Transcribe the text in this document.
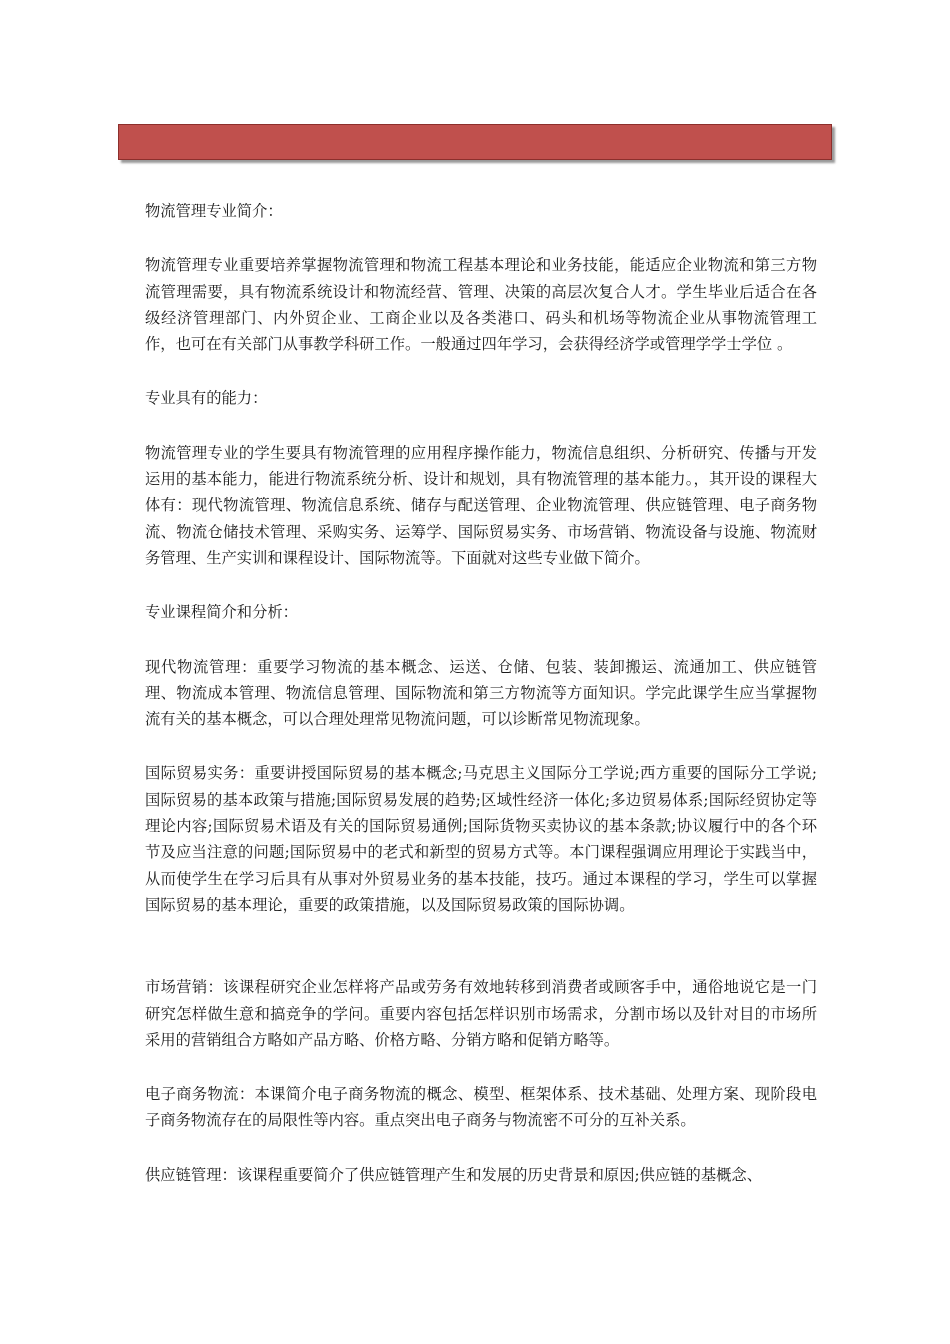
物流管理专业简介：

物流管理专业重要培养掌握物流管理和物流工程基本理论和业务技能，能适应企业物流和第三方物流管理需要，具有物流系统设计和物流经营、管理、决策的高层次复合人才。学生毕业后适合在各级经济管理部门、内外贸企业、工商企业以及各类港口、码头和机场等物流企业从事物流管理工作，也可在有关部门从事教学科研工作。一般通过四年学习，会获得经济学或管理学学士学位 。

专业具有的能力：

物流管理专业的学生要具有物流管理的应用程序操作能力，物流信息组织、分析研究、传播与开发运用的基本能力，能进行物流系统分析、设计和规划，具有物流管理的基本能力。，其开设的课程大体有：现代物流管理、物流信息系统、储存与配送管理、企业物流管理、供应链管理、电子商务物流、物流仓储技术管理、采购实务、运筹学、国际贸易实务、市场营销、物流设备与设施、物流财务管理、生产实训和课程设计、国际物流等。下面就对这些专业做下简介。

专业课程简介和分析：

现代物流管理：重要学习物流的基本概念、运送、仓储、包装、装卸搬运、流通加工、供应链管理、物流成本管理、物流信息管理、国际物流和第三方物流等方面知识。学完此课学生应当掌握物流有关的基本概念，可以合理处理常见物流问题，可以诊断常见物流现象。

国际贸易实务：重要讲授国际贸易的基本概念;马克思主义国际分工学说;西方重要的国际分工学说;国际贸易的基本政策与措施;国际贸易发展的趋势;区域性经济一体化;多边贸易体系;国际经贸协定等理论内容;国际贸易术语及有关的国际贸易通例;国际货物买卖协议的基本条款;协议履行中的各个环节及应当注意的问题;国际贸易中的老式和新型的贸易方式等。本门课程强调应用理论于实践当中，从而使学生在学习后具有从事对外贸易业务的基本技能，技巧。通过本课程的学习，学生可以掌握国际贸易的基本理论，重要的政策措施，以及国际贸易政策的国际协调。

市场营销：该课程研究企业怎样将产品或劳务有效地转移到消费者或顾客手中，通俗地说它是一门研究怎样做生意和搞竞争的学问。重要内容包括怎样识别市场需求，分割市场以及针对目的市场所采用的营销组合方略如产品方略、价格方略、分销方略和促销方略等。

电子商务物流：本课简介电子商务物流的概念、模型、框架体系、技术基础、处理方案、现阶段电子商务物流存在的局限性等内容。重点突出电子商务与物流密不可分的互补关系。

供应链管理：该课程重要简介了供应链管理产生和发展的历史背景和原因;供应链的基概念、
